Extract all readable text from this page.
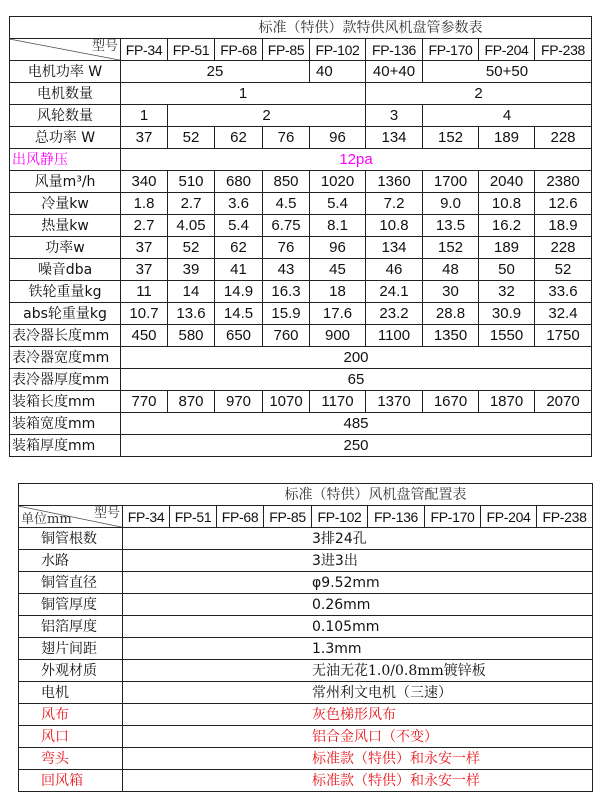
标准（特供）款特供风机盘管参数表									

型号	FP-34	FP-51	FP-68	FP-85	FP-102	FP-136	FP-170	FP-204	FP-238
电机功率 W	25				40	40+40	50+50		
电机数量	1					2			
风轮数量	1	2				3	4		
总功率 W	37	52	62	76	96	134	152	189	228
出风静压	12pa								
风量m³/h	340	510	680	850	1020	1360	1700	2040	2380
冷量kw	1.8	2.7	3.6	4.5	5.4	7.2	9.0	10.8	12.6
热量kw	2.7	4.05	5.4	6.75	8.1	10.8	13.5	16.2	18.9
功率w	37	52	62	76	96	134	152	189	228
噪音dba	37	39	41	43	45	46	48	50	52
铁轮重量kg	11	14	14.9	16.3	18	24.1	30	32	33.6
abs轮重量kg	10.7	13.6	14.5	15.9	17.6	23.2	28.8	30.9	32.4
表冷器长度mm	450	580	650	760	900	1100	1350	1550	1750
表冷器宽度mm	200								
表冷器厚度mm	65								
装箱长度mm	770	870	970	1070	1170	1370	1670	1870	2070
装箱宽度mm	485								
装箱厚度mm	250								
标准（特供）风机盘管配置表									

型号
单位mm	FP-34	FP-51	FP-68	FP-85	FP-102	FP-136	FP-170	FP-204	FP-238
铜管根数	3排24孔								
水路	3进3出								
铜管直径	φ9.52mm								
铜管厚度	0.26mm								
铝箔厚度	0.105mm								
翅片间距	1.3mm								
外观材质	无油无花1.0/0.8mm镀锌板								
电机	常州利文电机（三速）								
风布	灰色梯形风布								
风口	铝合金风口（不变）								
弯头	标准款（特供）和永安一样								
回风箱	标准款（特供）和永安一样								
